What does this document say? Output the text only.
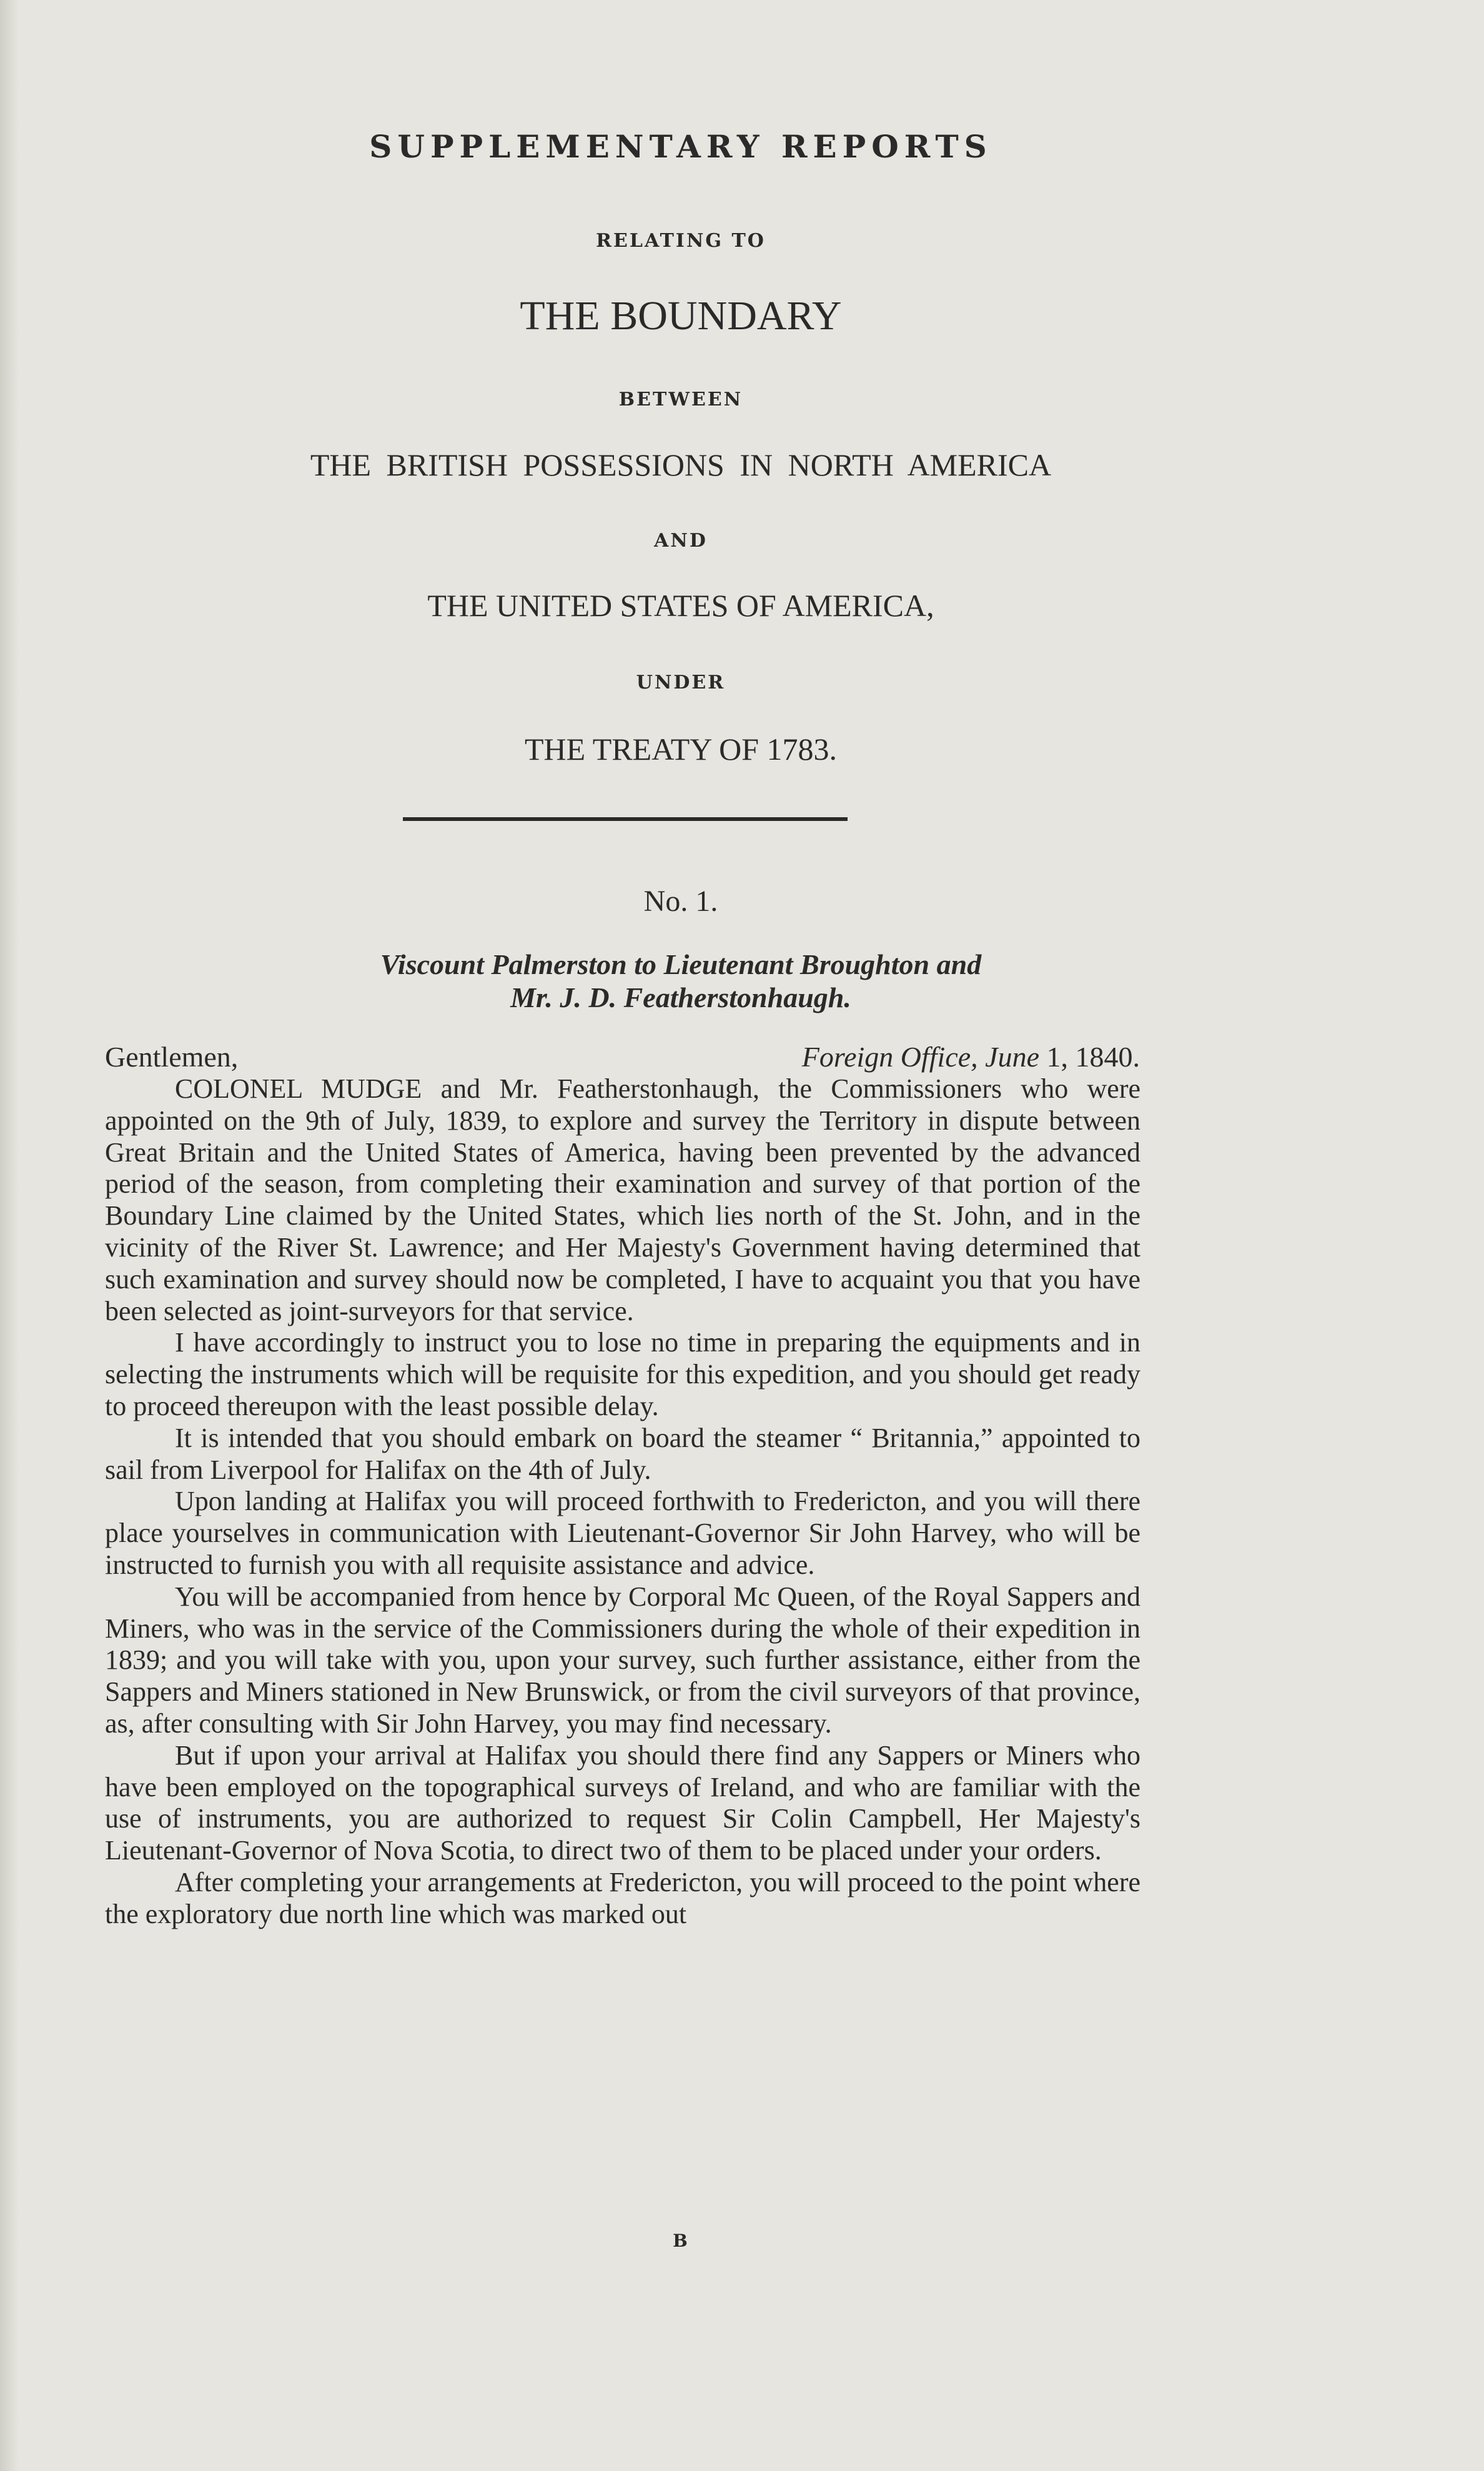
SUPPLEMENTARY REPORTS
RELATING TO
THE BOUNDARY
BETWEEN
THE BRITISH POSSESSIONS IN NORTH AMERICA
AND
THE UNITED STATES OF AMERICA,
UNDER
THE TREATY OF 1783.
No. 1.
Viscount Palmerston to Lieutenant Broughton and
Mr. J. D. Featherstonhaugh.
Gentlemen,	Foreign Office, June 1, 1840.

COLONEL MUDGE and Mr. Featherstonhaugh, the Commissioners who were appointed on the 9th of July, 1839, to explore and survey the Territory in dispute between Great Britain and the United States of America, having been prevented by the advanced period of the season, from completing their examination and survey of that portion of the Boundary Line claimed by the United States, which lies north of the St. John, and in the vicinity of the River St. Lawrence; and Her Majesty's Government having determined that such examination and survey should now be completed, I have to acquaint you that you have been selected as joint-surveyors for that service.

I have accordingly to instruct you to lose no time in preparing the equipments and in selecting the instruments which will be requisite for this expedition, and you should get ready to proceed thereupon with the least possible delay.

It is intended that you should embark on board the steamer “ Britannia,” appointed to sail from Liverpool for Halifax on the 4th of July.

Upon landing at Halifax you will proceed forthwith to Fredericton, and you will there place yourselves in communication with Lieutenant-Governor Sir John Harvey, who will be instructed to furnish you with all requisite assistance and advice.

You will be accompanied from hence by Corporal Mc Queen, of the Royal Sappers and Miners, who was in the service of the Commissioners during the whole of their expedition in 1839; and you will take with you, upon your survey, such further assistance, either from the Sappers and Miners stationed in New Brunswick, or from the civil surveyors of that province, as, after consulting with Sir John Harvey, you may find necessary.

But if upon your arrival at Halifax you should there find any Sappers or Miners who have been employed on the topographical surveys of Ireland, and who are familiar with the use of instruments, you are authorized to request Sir Colin Campbell, Her Majesty's Lieutenant-Governor of Nova Scotia, to direct two of them to be placed under your orders.

After completing your arrangements at Fredericton, you will proceed to the point where the exploratory due north line which was marked out

B
